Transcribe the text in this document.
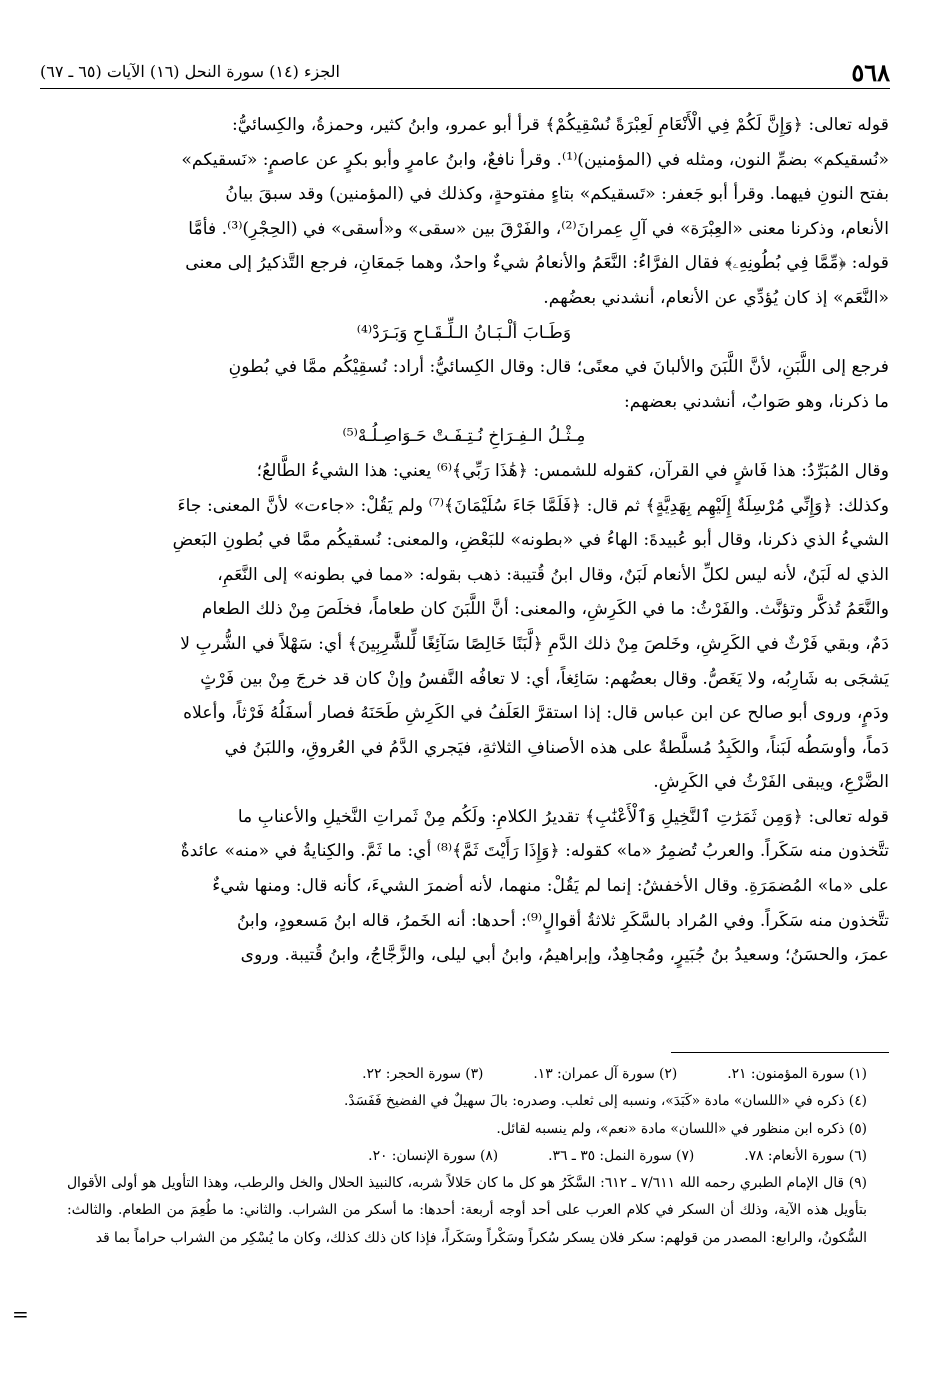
٥٦٨
الجزء (١٤) سورة النحل (١٦) الآيات (٦٥ ـ ٦٧)

قوله تعالى: ﴿وَإِنَّ لَكُمْ فِي الْأَنْعَامِ لَعِبْرَةً نُسْقِيكُمْ﴾ قرأ أبو عمرو، وابنُ كثير، وحمزةُ، والكِسائيُّ:

«نُسقيكم» بضمِّ النون، ومثله في (المؤمنين)⁽¹⁾. وقرأ نافعٌ، وابنُ عامرٍ وأبو بكرٍ عن عاصمٍ: «نَسقيكم»

بفتح النونِ فيهما. وقرأ أبو جَعفر: «تَسقيكم» بتاءٍ مفتوحةٍ، وكذلك في (المؤمنين) وقد سبقَ بيانُ

الأنعام، وذكرنا معنى «العِبْرَة» في آلِ عِمرانَ⁽²⁾، والفَرْقَ بين «سقى» و«أسقى» في (الحِجْرِ)⁽³⁾. فأمَّا

قوله: ﴿مِّمَّا فِي بُطُونِهِۦ﴾ فقال الفرَّاءُ: النَّعَمُ والأنعامُ شيءٌ واحدٌ، وهما جَمعَانِ، فرجع التَّذكيرُ إلى معنى

«النَّعَم» إذ كان يُؤدِّي عن الأنعام، أنشدني بعضُهم.

وَطَـابَ ألْـبَـانُ الـلِّـقَـاحِ وَبَـرَدْ⁽⁴⁾

فرجع إلى اللَّبَنِ، لأنَّ اللَّبَنَ والألبانَ في معنًى؛ قال: وقال الكِسائيُّ: أراد: نُسقِيْكُم ممَّا في بُطونِ

ما ذكرنا، وهو صَوابٌ، أنشدني بعضهم:

مِـثْـلُ الـفِـرَاخِ نُـتِـفَـتْ حَـوَاصِـلُـهْ⁽⁵⁾

وقال المُبَرِّدُ: هذا فَاشٍ في القرآن، كقوله للشمس: ﴿هَٰذَا رَبِّي﴾⁽⁶⁾ يعني: هذا الشيءُ الطَّالعُ؛

وكذلك: ﴿وَإِنِّي مُرْسِلَةٌ إِلَيْهِم بِهَدِيَّةٍ﴾ ثم قال: ﴿فَلَمَّا جَاءَ سُلَيْمَانَ﴾⁽⁷⁾ ولم يَقُلْ: «جاءت» لأنَّ المعنى: جاءَ

الشيءُ الذي ذكرنا، وقال أبو عُبيدةَ: الهاءُ في «بطونه» للبَعْضِ، والمعنى: نُسقيكُم ممَّا في بُطونِ البَعضِ

الذي له لَبَنٌ، لأنه ليس لكلِّ الأنعام لَبَنٌ، وقال ابنُ قُتيبة: ذهب بقوله: «مما في بطونه» إلى النَّعَمِ،

والنَّعَمُ تُذكَّر وتؤنَّث. والفَرْثُ: ما في الكَرِشِ، والمعنى: أنَّ اللَّبَنَ كان طعاماً، فخلَصَ مِنْ ذلك الطعام

دَمٌ، وبقي فَرْثٌ في الكَرِشِ، وخَلصَ مِنْ ذلك الدَّمِ ﴿لَّبَنًا خَالِصًا سَآئِغًا لِّلشَّٰرِبِينَ﴾ أي: سَهْلاً في الشُّربِ لا

يَشجَى به شَارِبُه، ولا يَغَصُّ. وقال بعضُهم: سَائِغاً، أي: لا تعافُه النَّفسُ وإنْ كان قد خرجَ مِنْ بين فَرْثٍ

ودَمٍ، وروى أبو صالح عن ابن عباس قال: إذا استقرَّ العَلَفُ في الكَرِشِ طَحَنَهُ فصار أسفَلُهُ فَرْثاً، وأعلاه

دَماً، وأوسَطُه لَبَناً، والكَبِدُ مُسلَّطةٌ على هذه الأصنافِ الثلاثةِ، فيَجري الدَّمُ في العُروقِ، واللبَنُ في

الضَّرْعِ، ويبقى الفَرْثُ في الكَرِشِ.

قوله تعالى: ﴿وَمِن ثَمَرَٰتِ ٱلنَّخِيلِ وَٱلْأَعْنَٰبِ﴾ تقديرُ الكلامِ: ولَكُم مِنْ ثَمراتِ النَّخيلِ والأعنابِ ما

تتَّخذون منه سَكَراً. والعربُ تُضمِرُ «ما» كقوله: ﴿وَإِذَا رَأَيْتَ ثَمَّ﴾⁽⁸⁾ أي: ما ثَمَّ. والكِنايةُ في «منه» عائدةٌ

على «ما» المُضمَرَةِ. وقال الأخفشُ: إنما لم يَقُلْ: منهما، لأنه أضمرَ الشيءَ، كأنه قال: ومنها شيءٌ

تتَّخذون منه سَكَراً. وفي المُراد بالسَّكَرِ ثلاثةُ أقوالٍ⁽⁹⁾: أحدها: أنه الخَمرُ، قاله ابنُ مَسعودٍ، وابنُ

عمرَ، والحسَنُ؛ وسعيدُ بنُ جُبَيرٍ، ومُجاهِدٌ، وإبراهيمُ، وابنُ أبي ليلى، والزَّجَّاجُ، وابنُ قُتيبة. وروى

(١) سورة المؤمنون: ٢١.
(٢) سورة آل عمران: ١٣.
(٣) سورة الحجر: ٢٢.
(٤) ذكره في «اللسان» مادة «كَبَدَ»، ونسبه إلى ثعلب. وصدره: بالَ سهيلٌ في الفضيخ فَفَسَدْ.
(٥) ذكره ابن منظور في «اللسان» مادة «نعم»، ولم ينسبه لقائل.
(٦) سورة الأنعام: ٧٨.
(٧) سورة النمل: ٣٥ ـ ٣٦.
(٨) سورة الإنسان: ٢٠.
(٩) قال الإمام الطبري رحمه الله ٧/٦١١ ـ ٦١٢: السَّكَرُ هو كل ما كان حَلالاً شربه، كالنبيذ الحلال والخل والرطب، وهذا التأويل هو أولى الأقوال بتأويل هذه الآية، وذلك أن السكر في كلام العرب على أحد أوجه أربعة: أحدها: ما أسكر من الشراب. والثاني: ما طُعِمَ من الطعام. والثالث: السُّكونُ، والرابع: المصدر من قولهم: سكر فلان يسكر سُكراً وسَكْراً وسَكَراً، فإذا كان ذلك كذلك، وكان ما يُسْكِر من الشراب حراماً بما قد
=
